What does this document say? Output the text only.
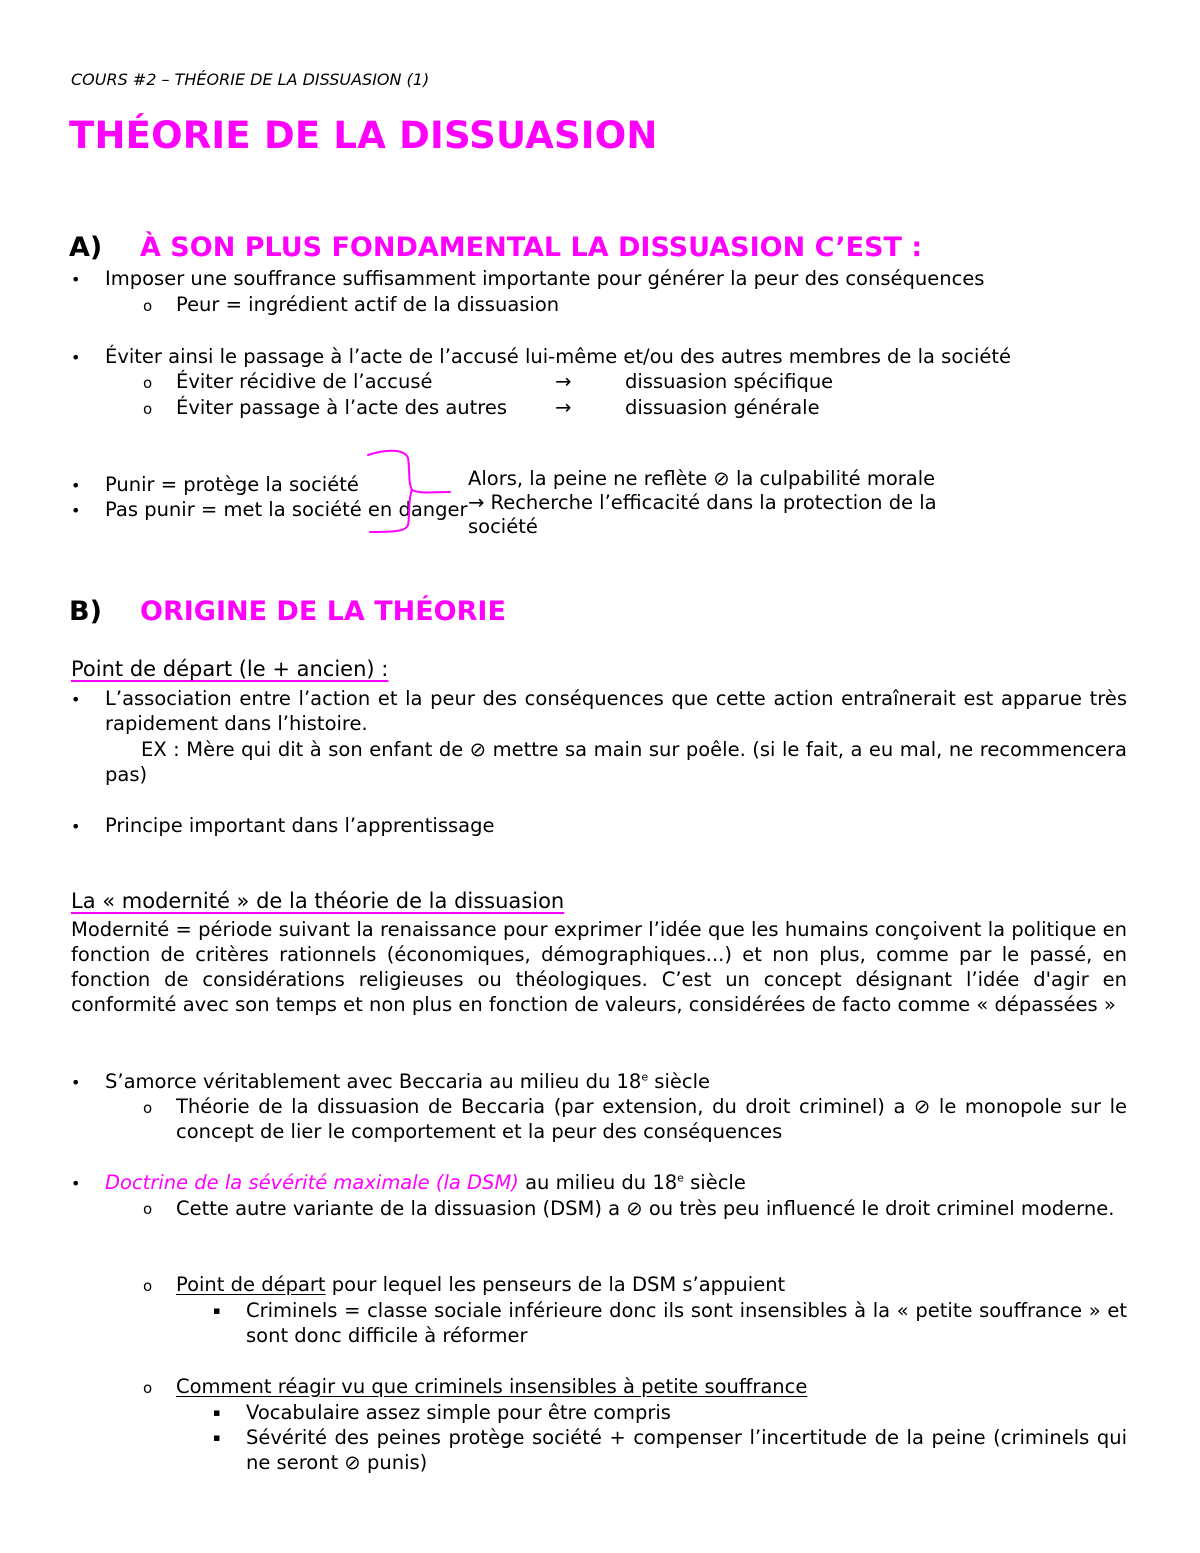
COURS #2 – THÉORIE DE LA DISSUASION (1)
THÉORIE DE LA DISSUASION
A) À SON PLUS FONDAMENTAL LA DISSUASION C’EST :
• Imposer une souffrance suffisamment importante pour générer la peur des conséquences
o Peur = ingrédient actif de la dissuasion
• Éviter ainsi le passage à l’acte de l’accusé lui-même et/ou des autres membres de la société
o Éviter récidive de l’accusé	→	dissuasion spécifique
o Éviter passage à l’acte des autres →	dissuasion générale
• Punir = protège la société
• Pas punir = met la société en danger
Alors, la peine ne reflète ⊘ la culpabilité morale
→ Recherche l’efficacité dans la protection de la
société
B) ORIGINE DE LA THÉORIE
Point de départ (le + ancien) :
• L’association entre l’action et la peur des conséquences que cette action entraînerait est apparue très rapidement dans l’histoire.
EX : Mère qui dit à son enfant de ⊘ mettre sa main sur poêle. (si le fait, a eu mal, ne recommencera pas)
• Principe important dans l’apprentissage
La « modernité » de la théorie de la dissuasion
Modernité = période suivant la renaissance pour exprimer l’idée que les humains conçoivent la politique en fonction de critères rationnels (économiques, démographiques...) et non plus, comme par le passé, en fonction de considérations religieuses ou théologiques. C’est un concept désignant l’idée d'agir en conformité avec son temps et non plus en fonction de valeurs, considérées de facto comme « dépassées »
• S’amorce véritablement avec Beccaria au milieu du 18e siècle
o Théorie de la dissuasion de Beccaria (par extension, du droit criminel) a ⊘ le monopole sur le concept de lier le comportement et la peur des conséquences
• Doctrine de la sévérité maximale (la DSM) au milieu du 18e siècle
o Cette autre variante de la dissuasion (DSM) a ⊘ ou très peu influencé le droit criminel moderne.
o Point de départ pour lequel les penseurs de la DSM s’appuient
▪ Criminels = classe sociale inférieure donc ils sont insensibles à la « petite souffrance » et sont donc difficile à réformer
o Comment réagir vu que criminels insensibles à petite souffrance
▪ Vocabulaire assez simple pour être compris
▪ Sévérité des peines protège société + compenser l’incertitude de la peine (criminels qui ne seront ⊘ punis)
